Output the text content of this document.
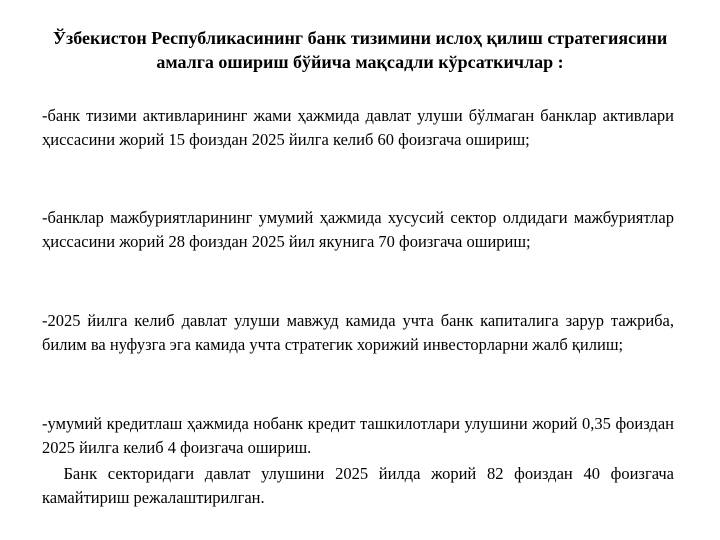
Ўзбекистон Республикасининг банк тизимини ислоҳ қилиш стратегиясини амалга ошириш бўйича мақсадли кўрсаткичлар :
-банк тизими активларининг жами ҳажмида давлат улуши бўлмаган банклар активлари ҳиссасини жорий 15 фоиздан 2025 йилга келиб 60 фоизгача ошириш;
-банклар мажбуриятларининг умумий ҳажмида хусусий сектор олдидаги мажбуриятлар ҳиссасини жорий 28 фоиздан 2025 йил якунига 70 фоизгача ошириш;
-2025 йилга келиб давлат улуши мавжуд камида учта банк капиталига зарур тажриба, билим ва нуфузга эга камида учта стратегик хорижий инвесторларни жалб қилиш;
-умумий кредитлаш ҳажмида нобанк кредит ташкилотлари улушини жорий 0,35 фоиздан 2025 йилга келиб 4 фоизгача ошириш.
Банк секторидаги давлат улушини 2025 йилда жорий 82 фоиздан 40 фоизгача камайтириш режалаштирилган.
